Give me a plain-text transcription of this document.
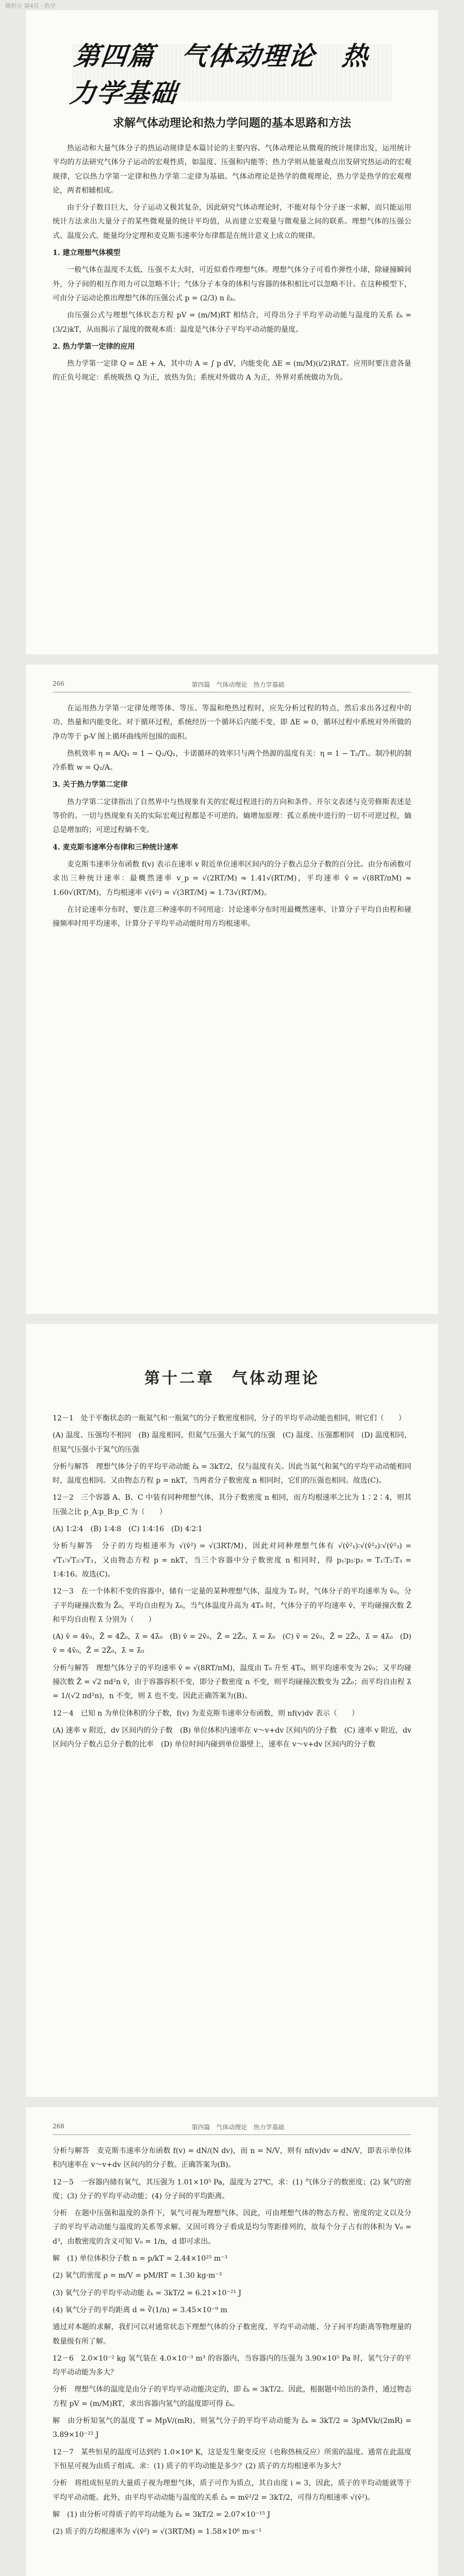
微积分 第4页 · 热学
第四篇　气体动理论　热力学基础
求解气体动理论和热力学问题的基本思路和方法

热运动和大量气体分子的热运动规律是本篇讨论的主要内容。气体动理论从微观的统计规律出发，运用统计平均的方法研究气体分子运动的宏观性质，如温度、压强和内能等；热力学则从能量观点出发研究热运动的宏观规律，它以热力学第一定律和热力学第二定律为基础。气体动理论是热学的微观理论，热力学是热学的宏观理论，两者相辅相成。

由于分子数目巨大，分子运动又极其复杂，因此研究气体动理论时，不能对每个分子逐一求解，而只能运用统计方法求出大量分子的某些微观量的统计平均值，从而建立宏观量与微观量之间的联系。理想气体的压强公式、温度公式、能量均分定理和麦克斯韦速率分布律都是在统计意义上成立的规律。

1. 建立理想气体模型

一般气体在温度不太低、压强不太大时，可近似看作理想气体。理想气体分子可看作弹性小球，除碰撞瞬间外，分子间的相互作用力可以忽略不计；气体分子本身的体积与容器的体积相比可以忽略不计。在这种模型下，可由分子运动论推出理想气体的压强公式 p = (2/3) n ε̄ₖ。

由压强公式与理想气体状态方程 pV = (m/M)RT 相结合，可得出分子平均平动动能与温度的关系 ε̄ₖ = (3/2)kT，从而揭示了温度的微观本质：温度是气体分子平均平动动能的量度。

2. 热力学第一定律的应用

热力学第一定律 Q = ΔE + A，其中功 A = ∫ p dV，内能变化 ΔE = (m/M)(i/2)RΔT。应用时要注意各量的正负号规定：系统吸热 Q 为正，放热为负；系统对外做功 A 为正，外界对系统做功为负。

266	第四篇　气体动理论　热力学基础

在运用热力学第一定律处理等体、等压、等温和绝热过程时，应先分析过程的特点，然后求出各过程中的功、热量和内能变化。对于循环过程，系统经历一个循环后内能不变，即 ΔE = 0，循环过程中系统对外所做的净功等于 p-V 图上循环曲线所包围的面积。

热机效率 η = A/Q₁ = 1 − Q₂/Q₁，卡诺循环的效率只与两个热源的温度有关：η = 1 − T₂/T₁。制冷机的制冷系数 w = Q₂/A。

3. 关于热力学第二定律

热力学第二定律指出了自然界中与热现象有关的宏观过程进行的方向和条件。开尔文表述与克劳修斯表述是等价的。一切与热现象有关的实际宏观过程都是不可逆的。熵增加原理：孤立系统中进行的一切不可逆过程，熵总是增加的；可逆过程熵不变。

4. 麦克斯韦速率分布律和三种统计速率

麦克斯韦速率分布函数 f(v) 表示在速率 v 附近单位速率区间内的分子数占总分子数的百分比。由分布函数可求出三种统计速率：最概然速率 v_p = √(2RT/M) ≈ 1.41√(RT/M)，平均速率 v̄ = √(8RT/πM) ≈ 1.60√(RT/M)，方均根速率 √(v̄²) = √(3RT/M) ≈ 1.73√(RT/M)。

在讨论速率分布时，要注意三种速率的不同用途：讨论速率分布时用最概然速率，计算分子平均自由程和碰撞频率时用平均速率，计算分子平均平动动能时用方均根速率。

第十二章　气体动理论

12－1　处于平衡状态的一瓶氦气和一瓶氮气的分子数密度相同，分子的平均平动动能也相同，则它们（　　）

(A) 温度、压强均不相同　(B) 温度相同，但氦气压强大于氮气的压强　(C) 温度、压强都相同　(D) 温度相同，但氦气压强小于氮气的压强

分析与解答　理想气体分子的平均平动动能 ε̄ₖ = 3kT/2，仅与温度有关。因此当氦气和氮气的平均平动动能相同时，温度也相同。又由物态方程 p = nkT，当两者分子数密度 n 相同时，它们的压强也相同。故选(C)。

12－2　三个容器 A、B、C 中装有同种理想气体，其分子数密度 n 相同，而方均根速率之比为 1∶2∶4，则其压强之比 p_A∶p_B∶p_C 为（　　）

(A) 1∶2∶4　(B) 1∶4∶8　(C) 1∶4∶16　(D) 4∶2∶1

分析与解答　分子的方均根速率为 √(v̄²) = √(3RT/M)，因此对同种理想气体有 √(v̄²₁)∶√(v̄²₂)∶√(v̄²₃) = √T₁∶√T₂∶√T₃，又由物态方程 p = nkT，当三个容器中分子数密度 n 相同时，得 p₁∶p₂∶p₃ = T₁∶T₂∶T₃ = 1∶4∶16。故选(C)。

12－3　在一个体积不变的容器中，储有一定量的某种理想气体，温度为 T₀ 时，气体分子的平均速率为 v̄₀，分子平均碰撞次数为 Z̄₀，平均自由程为 λ̄₀，当气体温度升高为 4T₀ 时，气体分子的平均速率 v̄、平均碰撞次数 Z̄ 和平均自由程 λ̄ 分别为（　　）

(A) v̄ = 4v̄₀，Z̄ = 4Z̄₀，λ̄ = 4λ̄₀　(B) v̄ = 2v̄₀，Z̄ = 2Z̄₀，λ̄ = λ̄₀　(C) v̄ = 2v̄₀，Z̄ = 2Z̄₀，λ̄ = 4λ̄₀　(D) v̄ = 4v̄₀，Z̄ = 2Z̄₀，λ̄ = λ̄₀

分析与解答　理想气体分子的平均速率 v̄ = √(8RT/πM)，温度由 T₀ 升至 4T₀，则平均速率变为 2v̄₀；又平均碰撞次数 Z̄ = √2 πd²n v̄，由于容器容积不变，即分子数密度 n 不变，则平均碰撞次数变为 2Z̄₀；而平均自由程 λ̄ = 1/(√2 πd²n)，n 不变，则 λ̄ 也不变。因此正确答案为(B)。

12－4　已知 n 为单位体积的分子数，f(v) 为麦克斯韦速率分布函数，则 nf(v)dv 表示（　　）

(A) 速率 v 附近，dv 区间内的分子数　(B) 单位体积内速率在 v～v+dv 区间内的分子数　(C) 速率 v 附近，dv 区间内分子数占总分子数的比率　(D) 单位时间内碰到单位器壁上，速率在 v～v+dv 区间内的分子数

268	第四篇　气体动理论　热力学基础

分析与解答　麦克斯韦速率分布函数 f(v) = dN/(N dv)，而 n = N/V，则有 nf(v)dv = dN/V，即表示单位体积内速率在 v～v+dv 区间内的分子数。正确答案为(B)。

12－5　一容器内储有氧气，其压强为 1.01×10⁵ Pa，温度为 27℃，求：(1) 气体分子的数密度；(2) 氧气的密度；(3) 分子的平均平动动能；(4) 分子间的平均距离。

分析　在题中压强和温度的条件下，氧气可视为理想气体。因此，可由理想气体的物态方程、密度的定义以及分子的平均平动动能与温度的关系等求解。又因可将分子看成是均匀等距排列的，故每个分子占有的体积为 V₀ = d³，由数密度的含义可知 V₀ = 1/n，d 即可求出。

解　(1) 单位体积分子数 n = p/kT = 2.44×10²⁵ m⁻³

(2) 氧气的密度 ρ = m/V = pM/RT = 1.30 kg·m⁻³

(3) 氧气分子的平均平动动能 ε̄ₖ = 3kT/2 = 6.21×10⁻²¹ J

(4) 氧气分子的平均距离 d = ∛(1/n) = 3.45×10⁻⁹ m

通过对本题的求解，我们可以对通常状态下理想气体的分子数密度、平均平动动能、分子间平均距离等物理量的数量级有所了解。

12－6　2.0×10⁻² kg 氢气装在 4.0×10⁻³ m³ 的容器内，当容器内的压强为 3.90×10⁵ Pa 时，氢气分子的平均平动动能为多大？

分析　理想气体的温度是由分子的平均平动动能决定的，即 ε̄ₖ = 3kT/2。因此，根据题中给出的条件，通过物态方程 pV = (m/M)RT，求出容器内氢气的温度即可得 ε̄ₖ。

解　由分析知氢气的温度 T = MpV/(mR)，则氢气分子的平均平动动能为 ε̄ₖ = 3kT/2 = 3pMVk/(2mR) = 3.89×10⁻²² J

12－7　某些恒星的温度可达到约 1.0×10⁸ K，这是发生聚变反应（也称热核反应）所需的温度。通常在此温度下恒星可视为由质子组成。求：(1) 质子的平均动能是多少？(2) 质子的方均根速率为多大？

分析　将组成恒星的大量质子视为理想气体，质子可作为质点，其自由度 i = 3，因此，质子的平均动能就等于平均平动动能。此外，由平均平动动能与温度的关系 ε̄ₖ = mv̄²/2 = 3kT/2，可得方均根速率 √(v̄²)。

解　(1) 由分析可得质子的平均动能为 ε̄ₖ = 3kT/2 = 2.07×10⁻¹⁵ J

(2) 质子的方均根速率为 √(v̄²) = √(3RT/M) = 1.58×10⁶ m·s⁻¹
